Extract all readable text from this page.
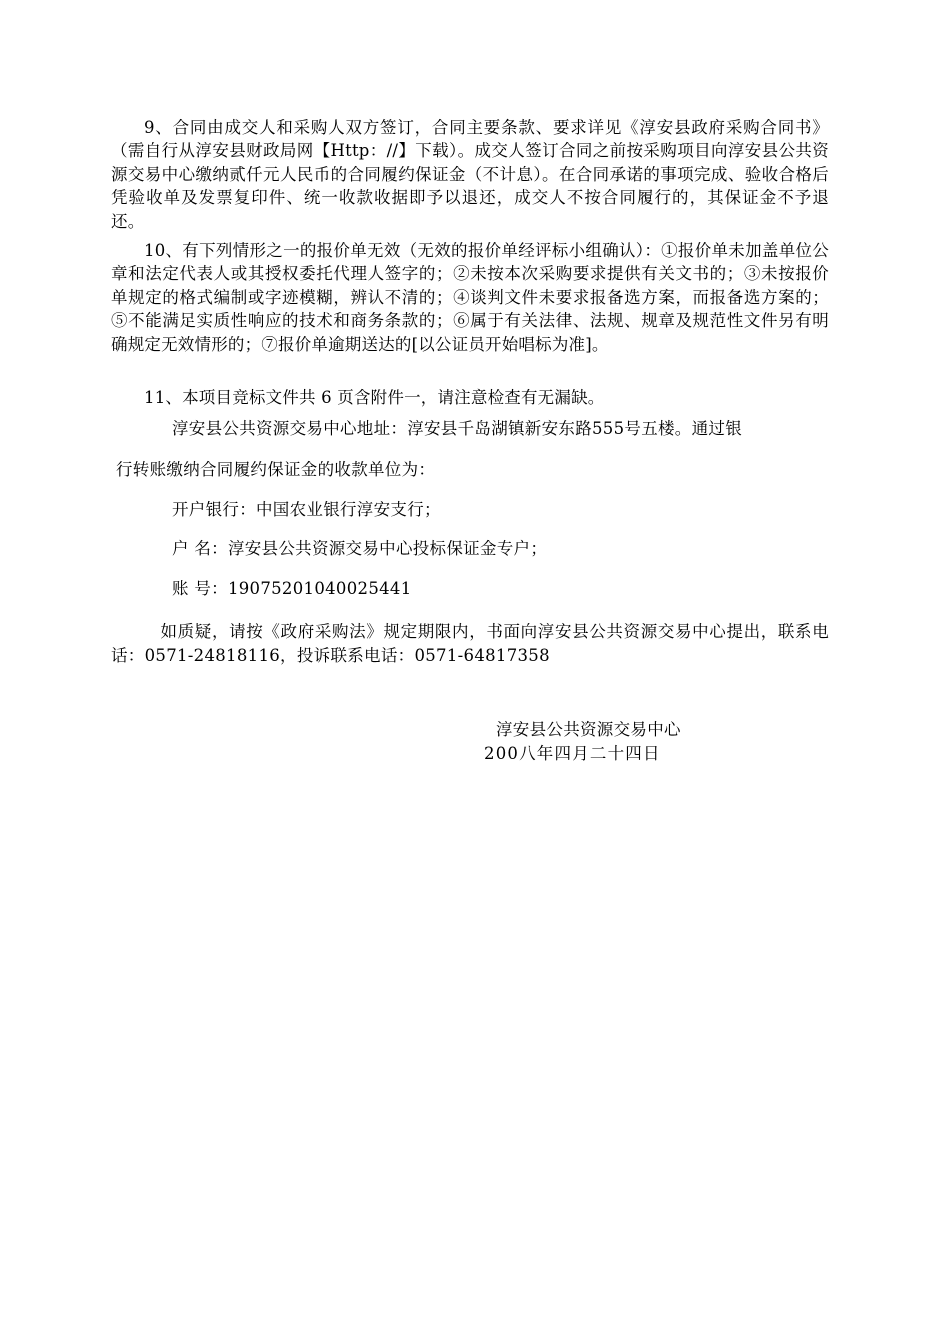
9、合同由成交人和采购人双方签订，合同主要条款、要求详见《淳安县政府采购合同书》（需自行从淳安县财政局网【Http：//】下载）。成交人签订合同之前按采购项目向淳安县公共资源交易中心缴纳贰仟元人民币的合同履约保证金（不计息）。在合同承诺的事项完成、验收合格后凭验收单及发票复印件、统一收款收据即予以退还，成交人不按合同履行的，其保证金不予退还。

10、有下列情形之一的报价单无效（无效的报价单经评标小组确认）：①报价单未加盖单位公章和法定代表人或其授权委托代理人签字的；②未按本次采购要求提供有关文书的；③未按报价单规定的格式编制或字迹模糊，辨认不清的；④谈判文件未要求报备选方案，而报备选方案的；⑤不能满足实质性响应的技术和商务条款的；⑥属于有关法律、法规、规章及规范性文件另有明确规定无效情形的；⑦报价单逾期送达的[以公证员开始唱标为准]。

11、本项目竞标文件共 6 页含附件一，请注意检查有无漏缺。

淳安县公共资源交易中心地址：淳安县千岛湖镇新安东路555号五楼。通过银

行转账缴纳合同履约保证金的收款单位为：

开户银行：中国农业银行淳安支行；

户 名：淳安县公共资源交易中心投标保证金专户；

账 号：19075201040025441

如质疑，请按《政府采购法》规定期限内，书面向淳安县公共资源交易中心提出，联系电话：0571-24818116，投诉联系电话：0571-64817358

淳安县公共资源交易中心

200八年四月二十四日
